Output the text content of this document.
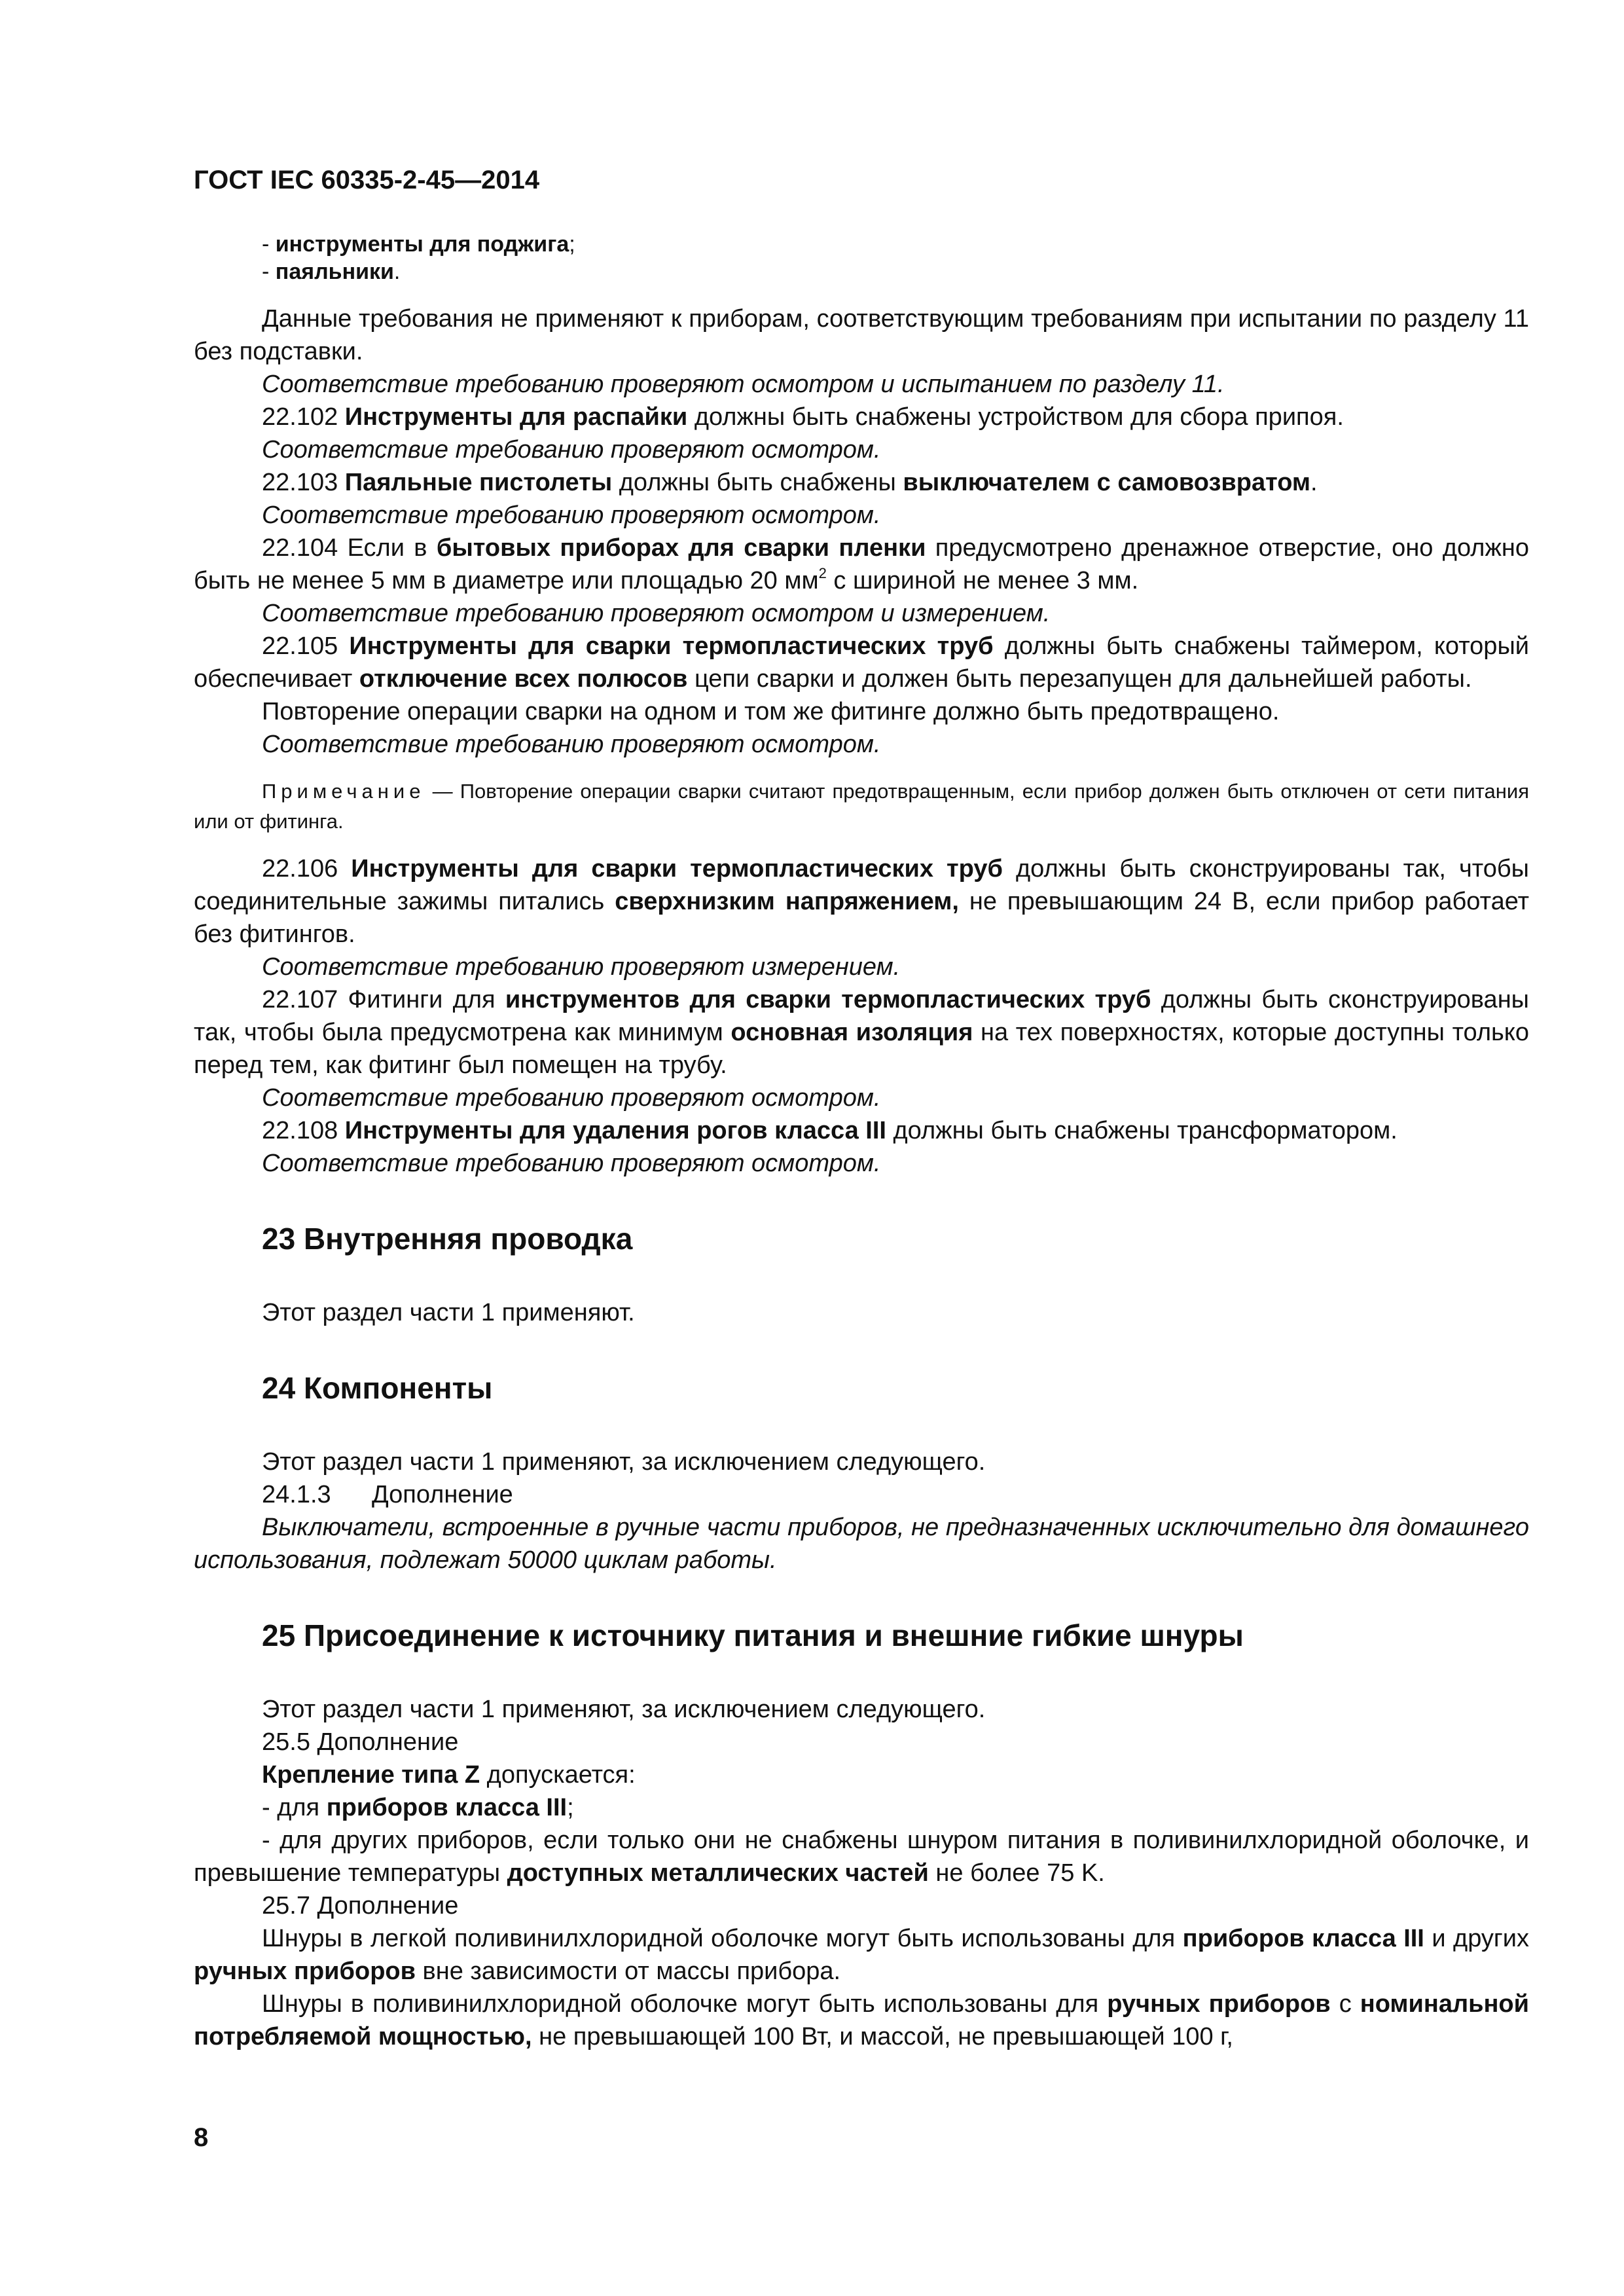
ГОСТ IEC 60335-2-45—2014

- инструменты для поджига;

- паяльники.

Данные требования не применяют к приборам, соответствующим требованиям при испытании по разделу 11 без подставки.

Соответствие требованию проверяют осмотром и испытанием по разделу 11.

22.102 Инструменты для распайки должны быть снабжены устройством для сбора припоя.

Соответствие требованию проверяют осмотром.

22.103 Паяльные пистолеты должны быть снабжены выключателем с самовозвратом.

Соответствие требованию проверяют осмотром.

22.104 Если в бытовых приборах для сварки пленки предусмотрено дренажное отверстие, оно должно быть не менее 5 мм в диаметре или площадью 20 $мм^2$ с шириной не менее 3 мм.

Соответствие требованию проверяют осмотром и измерением.

22.105 Инструменты для сварки термопластических труб должны быть снабжены таймером, который обеспечивает отключение всех полюсов цепи сварки и должен быть перезапущен для дальнейшей работы.

Повторение операции сварки на одном и том же фитинге должно быть предотвращено.

Соответствие требованию проверяют осмотром.

Примечание — Повторение операции сварки считают предотвращенным, если прибор должен быть отключен от сети питания или от фитинга.

22.106 Инструменты для сварки термопластических труб должны быть сконструированы так, чтобы соединительные зажимы питались сверхнизким напряжением, не превышающим 24 В, если прибор работает без фитингов.

Соответствие требованию проверяют измерением.

22.107 Фитинги для инструментов для сварки термопластических труб должны быть сконструированы так, чтобы была предусмотрена как минимум основная изоляция на тех поверхностях, которые доступны только перед тем, как фитинг был помещен на трубу.

Соответствие требованию проверяют осмотром.

22.108 Инструменты для удаления рогов класса III должны быть снабжены трансформатором.

Соответствие требованию проверяют осмотром.

23 Внутренняя проводка

Этот раздел части 1 применяют.

24 Компоненты

Этот раздел части 1 применяют, за исключением следующего.

24.1.3 Дополнение

Выключатели, встроенные в ручные части приборов, не предназначенных исключительно для домашнего использования, подлежат 50000 циклам работы.

25 Присоединение к источнику питания и внешние гибкие шнуры

Этот раздел части 1 применяют, за исключением следующего.

25.5 Дополнение

Крепление типа Z допускается:

- для приборов класса III;

- для других приборов, если только они не снабжены шнуром питания в поливинилхлоридной оболочке, и превышение температуры доступных металлических частей не более 75 K.

25.7 Дополнение

Шнуры в легкой поливинилхлоридной оболочке могут быть использованы для приборов класса III и других ручных приборов вне зависимости от массы прибора.

Шнуры в поливинилхлоридной оболочке могут быть использованы для ручных приборов с номинальной потребляемой мощностью, не превышающей 100 Вт, и массой, не превышающей 100 г,

8
